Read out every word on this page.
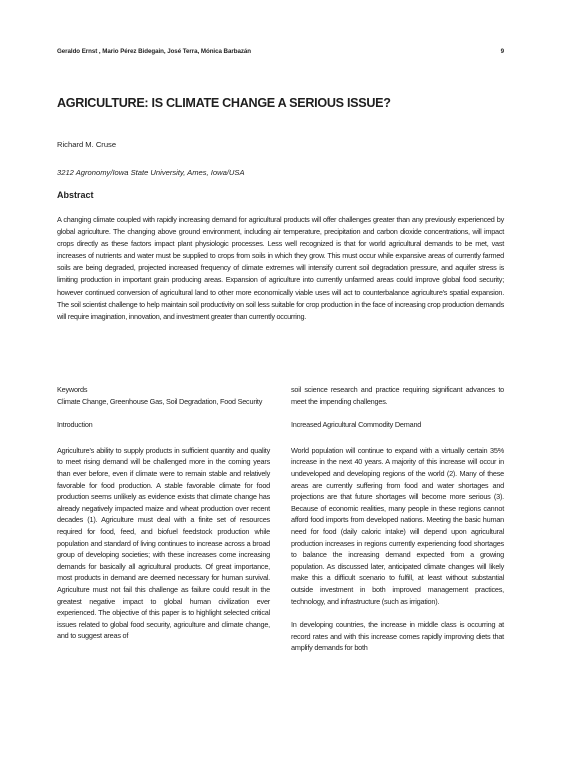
Geraldo Ernst , Mario Pérez Bidegain, José Terra, Mónica Barbazán	9
AGRICULTURE: IS CLIMATE CHANGE A SERIOUS ISSUE?
Richard M. Cruse
3212 Agronomy/Iowa State University, Ames, Iowa/USA
Abstract

A changing climate coupled with rapidly increasing demand for agricultural products will offer challenges greater than any previously experienced by global agriculture. The changing above ground environment, including air temperature, precipitation and carbon dioxide concentrations, will impact crops directly as these factors impact plant physiologic processes. Less well recognized is that for world agricultural demands to be met, vast increases of nutrients and water must be supplied to crops from soils in which they grow. This must occur while expansive areas of currently farmed soils are being degraded, projected increased frequency of climate extremes will intensify current soil degradation pressure, and aquifer stress is limiting production in important grain producing areas. Expansion of agriculture into currently unfarmed areas could improve global food security; however continued conversion of agricultural land to other more economically viable uses will act to counterbalance agriculture's spatial expansion. The soil scientist challenge to help maintain soil productivity on soil less suitable for crop production in the face of increasing crop production demands will require imagination, innovation, and investment greater than currently occurring.

Keywords

Climate Change, Greenhouse Gas, Soil Degradation, Food Security

Introduction

Agriculture's ability to supply products in sufficient quantity and quality to meet rising demand will be challenged more in the coming years than ever before, even if climate were to remain stable and relatively favorable for food production. A stable favorable climate for food production seems unlikely as evidence exists that climate change has already negatively impacted maize and wheat production over recent decades (1). Agriculture must deal with a finite set of resources required for food, feed, and biofuel feedstock production while population and standard of living continues to increase across a broad group of developing societies; with these increases come increasing demands for basically all agricultural products. Of great importance, most products in demand are deemed necessary for human survival. Agriculture must not fail this challenge as failure could result in the greatest negative impact to global human civilization ever experienced. The objective of this paper is to highlight selected critical issues related to global food security, agriculture and climate change, and to suggest areas of

soil science research and practice requiring significant advances to meet the impending challenges.

Increased Agricultural Commodity Demand

World population will continue to expand with a virtually certain 35% increase in the next 40 years. A majority of this increase will occur in undeveloped and developing regions of the world (2). Many of these areas are currently suffering from food and water shortages and projections are that future shortages will become more serious (3). Because of economic realities, many people in these regions cannot afford food imports from developed nations. Meeting the basic human need for food (daily caloric intake) will depend upon agricultural production increases in regions currently experiencing food shortages to balance the increasing demand expected from a growing population. As discussed later, anticipated climate changes will likely make this a difficult scenario to fulfill, at least without substantial outside investment in both improved management practices, technology, and infrastructure (such as irrigation).

In developing countries, the increase in middle class is occurring at record rates and with this increase comes rapidly improving diets that amplify demands for both
